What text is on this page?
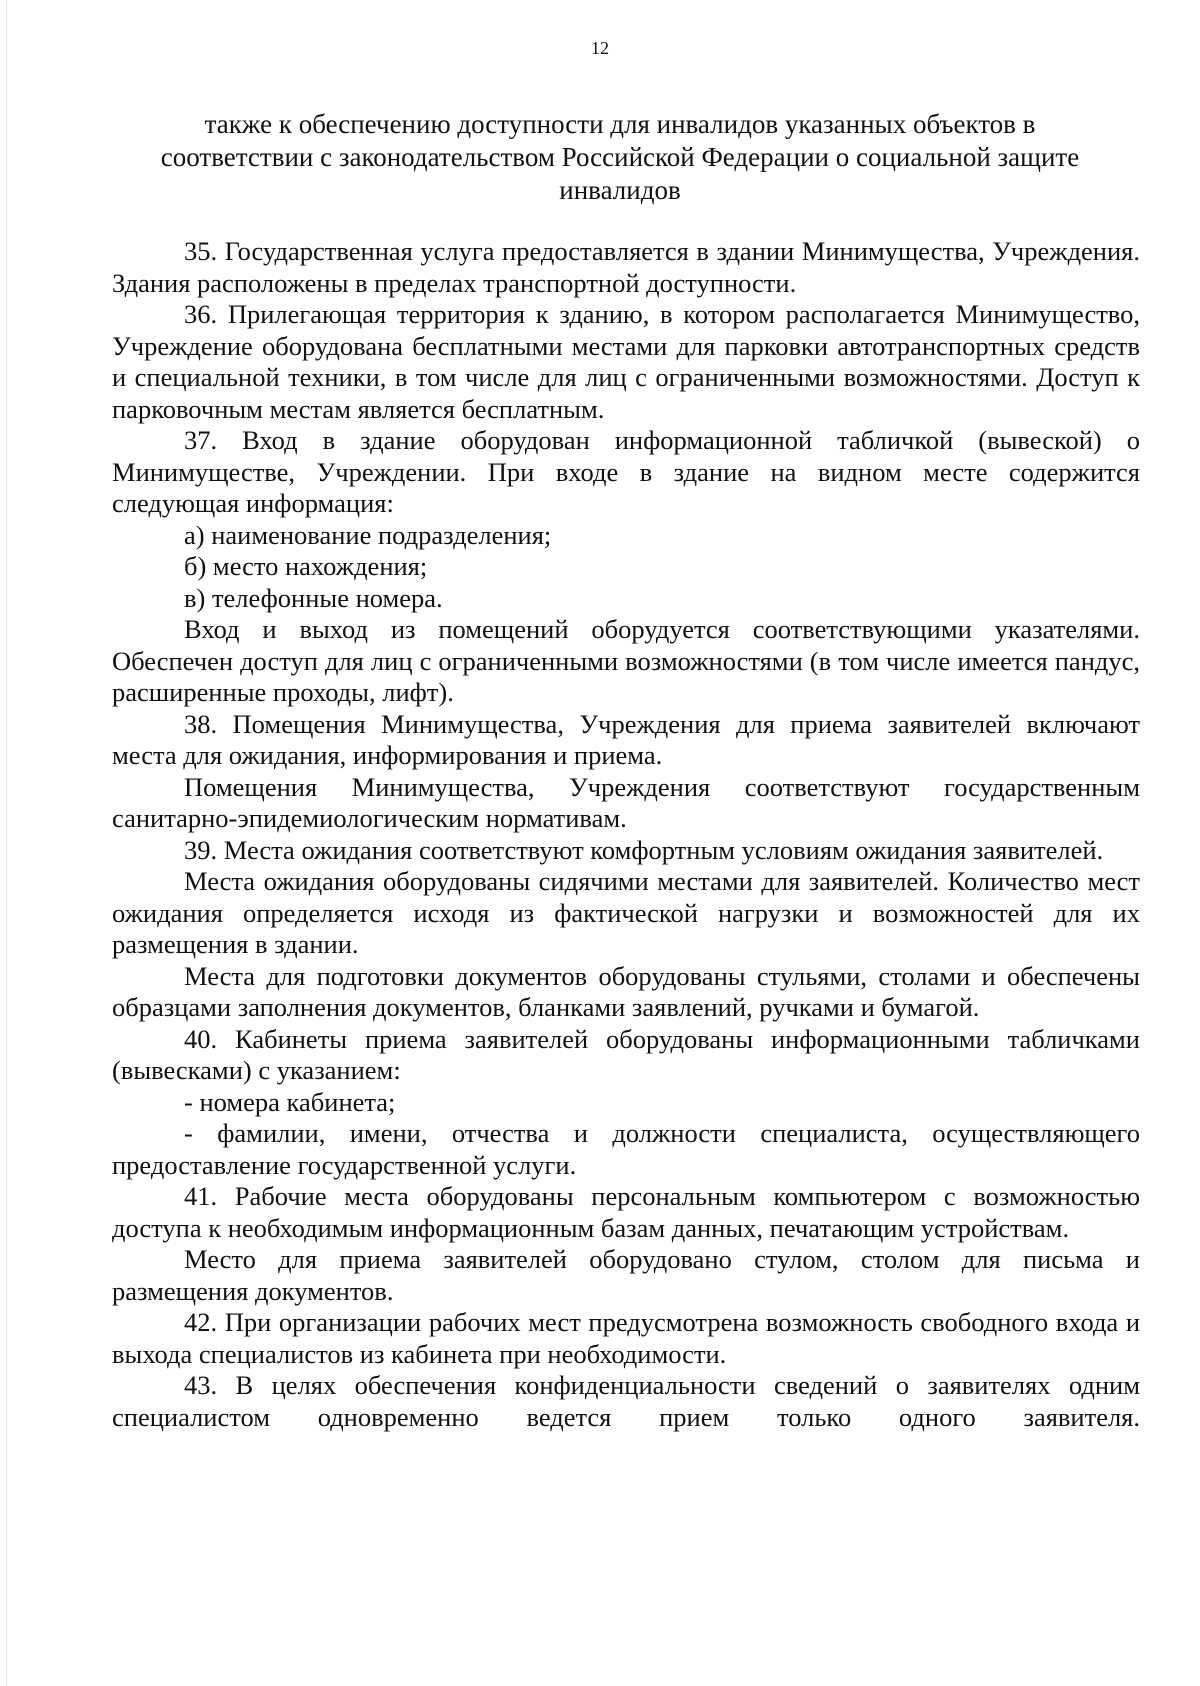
12
также к обеспечению доступности для инвалидов указанных объектов в
соответствии с законодательством Российской Федерации о социальной защите
инвалидов

35. Государственная услуга предоставляется в здании Минимущества, Учреждения. Здания расположены в пределах транспортной доступности.

36. Прилегающая территория к зданию, в котором располагается Минимущество, Учреждение оборудована бесплатными местами для парковки автотранспортных средств и специальной техники, в том числе для лиц с ограниченными возможностями. Доступ к парковочным местам является бесплатным.

37. Вход в здание оборудован информационной табличкой (вывеской) о Минимуществе, Учреждении. При входе в здание на видном месте содержится следующая информация:

а) наименование подразделения;

б) место нахождения;

в) телефонные номера.

Вход и выход из помещений оборудуется соответствующими указателями. Обеспечен доступ для лиц с ограниченными возможностями (в том числе имеется пандус, расширенные проходы, лифт).

38. Помещения Минимущества, Учреждения для приема заявителей включают места для ожидания, информирования и приема.

Помещения Минимущества, Учреждения соответствуют государственным санитарно-эпидемиологическим нормативам.

39. Места ожидания соответствуют комфортным условиям ожидания заявителей.

Места ожидания оборудованы сидячими местами для заявителей. Количество мест ожидания определяется исходя из фактической нагрузки и возможностей для их размещения в здании.

Места для подготовки документов оборудованы стульями, столами и обеспечены образцами заполнения документов, бланками заявлений, ручками и бумагой.

40. Кабинеты приема заявителей оборудованы информационными табличками (вывесками) с указанием:

- номера кабинета;

- фамилии, имени, отчества и должности специалиста, осуществляющего предоставление государственной услуги.

41. Рабочие места оборудованы персональным компьютером с возможностью доступа к необходимым информационным базам данных, печатающим устройствам.

Место для приема заявителей оборудовано стулом, столом для письма и размещения документов.

42. При организации рабочих мест предусмотрена возможность свободного входа и выхода специалистов из кабинета при необходимости.

43. В целях обеспечения конфиденциальности сведений о заявителях одним специалистом одновременно ведется прием только одного заявителя.
